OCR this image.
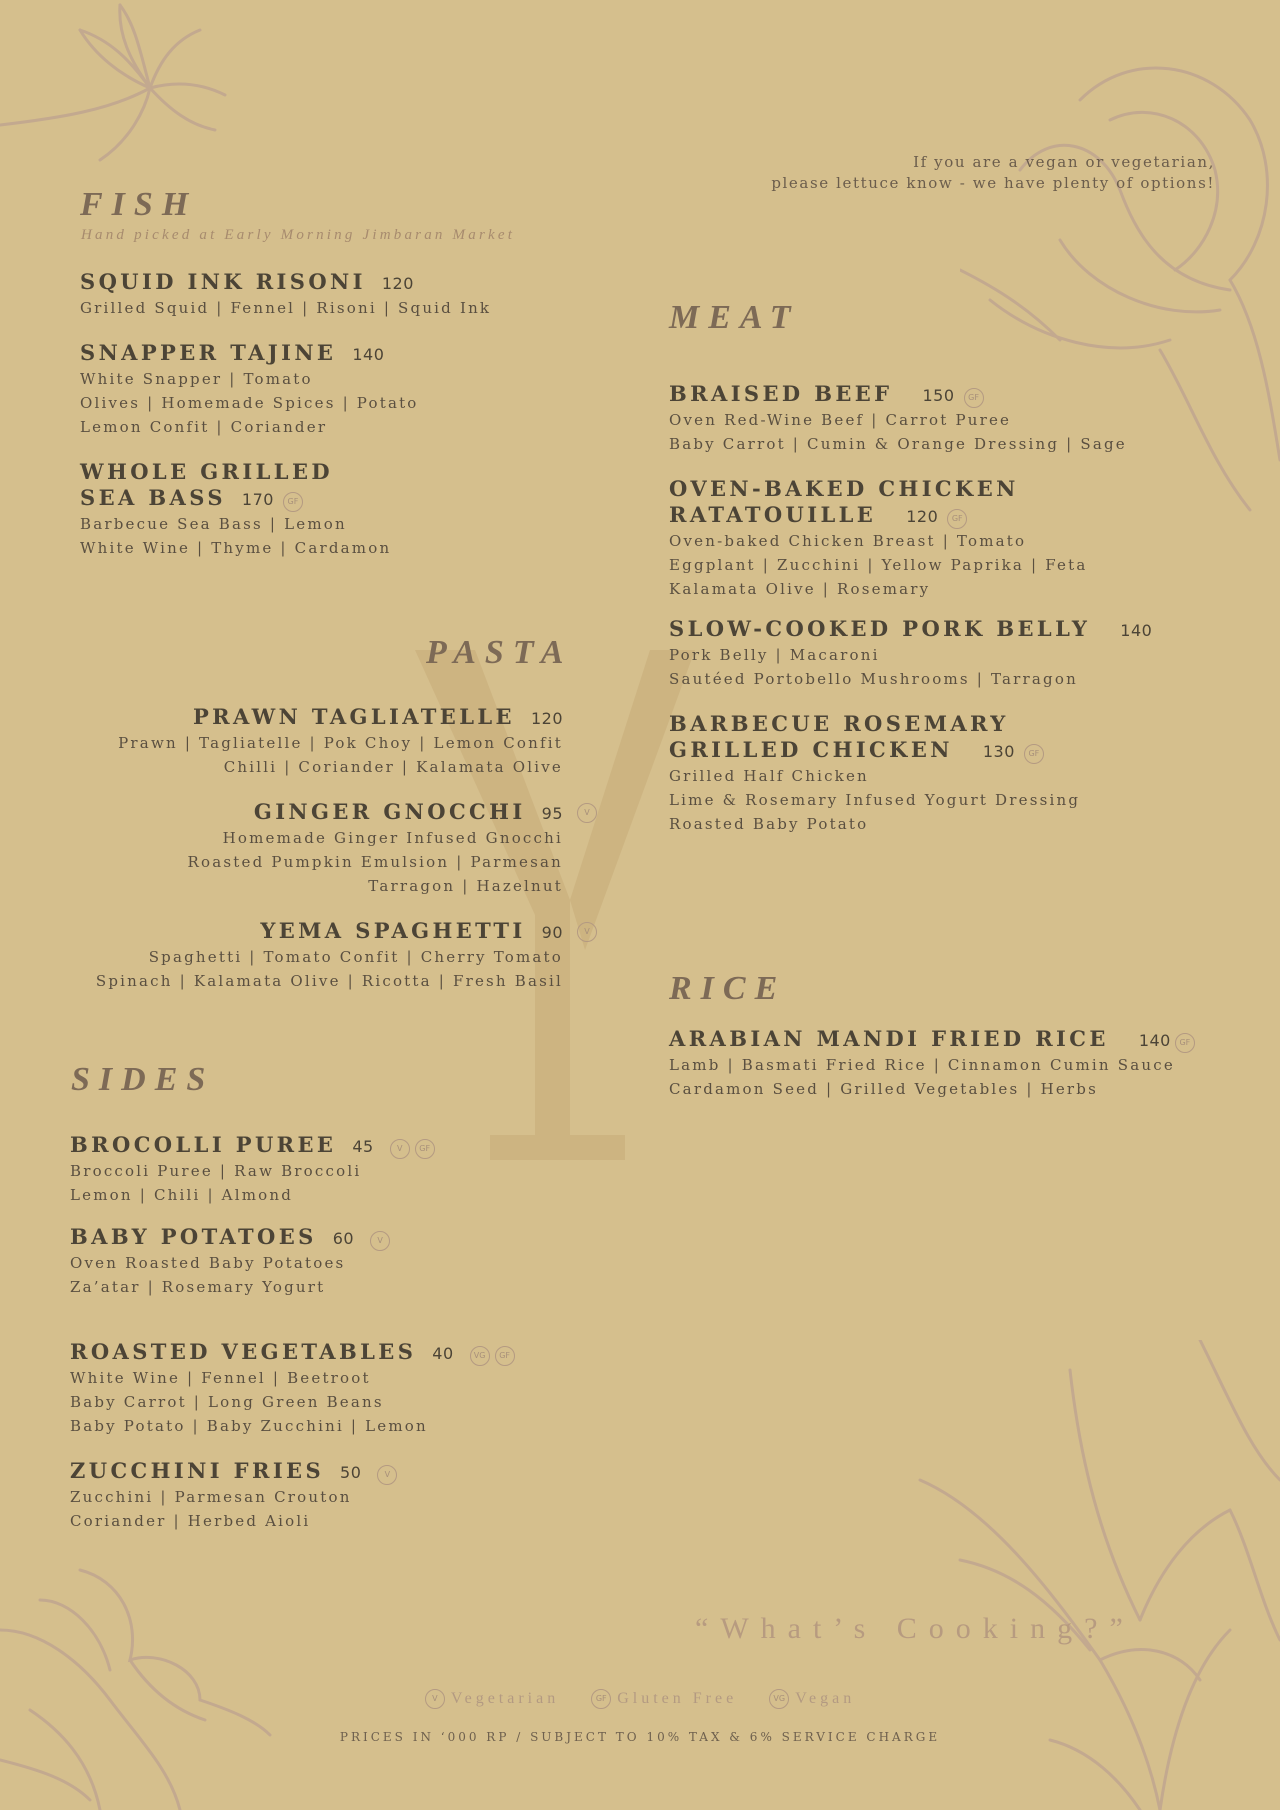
If you are a vegan or vegetarian,
please lettuce know - we have plenty of options!
FISH
Hand picked at Early Morning Jimbaran Market
SQUID INK RISONI 120
Grilled Squid | Fennel | Risoni | Squid Ink
SNAPPER TAJINE 140
White Snapper | Tomato
Olives | Homemade Spices | Potato
Lemon Confit | Coriander
WHOLE GRILLED
SEA BASS 170 GF
Barbecue Sea Bass | Lemon
White Wine | Thyme | Cardamon
PASTA
PRAWN TAGLIATELLE 120
Prawn | Tagliatelle | Pok Choy | Lemon Confit
Chilli | Coriander | Kalamata Olive
GINGER GNOCCHI 95	V
Homemade Ginger Infused Gnocchi
Roasted Pumpkin Emulsion | Parmesan
Tarragon | Hazelnut
YEMA SPAGHETTI 90	V
Spaghetti | Tomato Confit | Cherry Tomato
Spinach | Kalamata Olive | Ricotta | Fresh Basil
SIDES
BROCOLLI PUREE 45	V GF
Broccoli Puree | Raw Broccoli
Lemon | Chili | Almond
BABY POTATOES 60	V
Oven Roasted Baby Potatoes
Za’atar | Rosemary Yogurt
ROASTED VEGETABLES 40	VG GF
White Wine | Fennel | Beetroot
Baby Carrot | Long Green Beans
Baby Potato | Baby Zucchini | Lemon
ZUCCHINI FRIES 50	V
Zucchini | Parmesan Crouton
Coriander | Herbed Aioli
MEAT
BRAISED BEEF 150 GF
Oven Red-Wine Beef | Carrot Puree
Baby Carrot | Cumin & Orange Dressing | Sage
OVEN-BAKED CHICKEN
RATATOUILLE 120 GF
Oven-baked Chicken Breast | Tomato
Eggplant | Zucchini | Yellow Paprika | Feta
Kalamata Olive | Rosemary
SLOW-COOKED PORK BELLY 140
Pork Belly | Macaroni
Sautéed Portobello Mushrooms | Tarragon
BARBECUE ROSEMARY
GRILLED CHICKEN 130 GF
Grilled Half Chicken
Lime & Rosemary Infused Yogurt Dressing
Roasted Baby Potato
RICE
ARABIAN MANDI FRIED RICE 140 GF
Lamb | Basmati Fried Rice | Cinnamon Cumin Sauce
Cardamon Seed | Grilled Vegetables | Herbs
“What’s Cooking?”
V Vegetarian	GF Gluten Free	VG Vegan
PRICES IN ‘000 RP / SUBJECT TO 10% TAX & 6% SERVICE CHARGE
